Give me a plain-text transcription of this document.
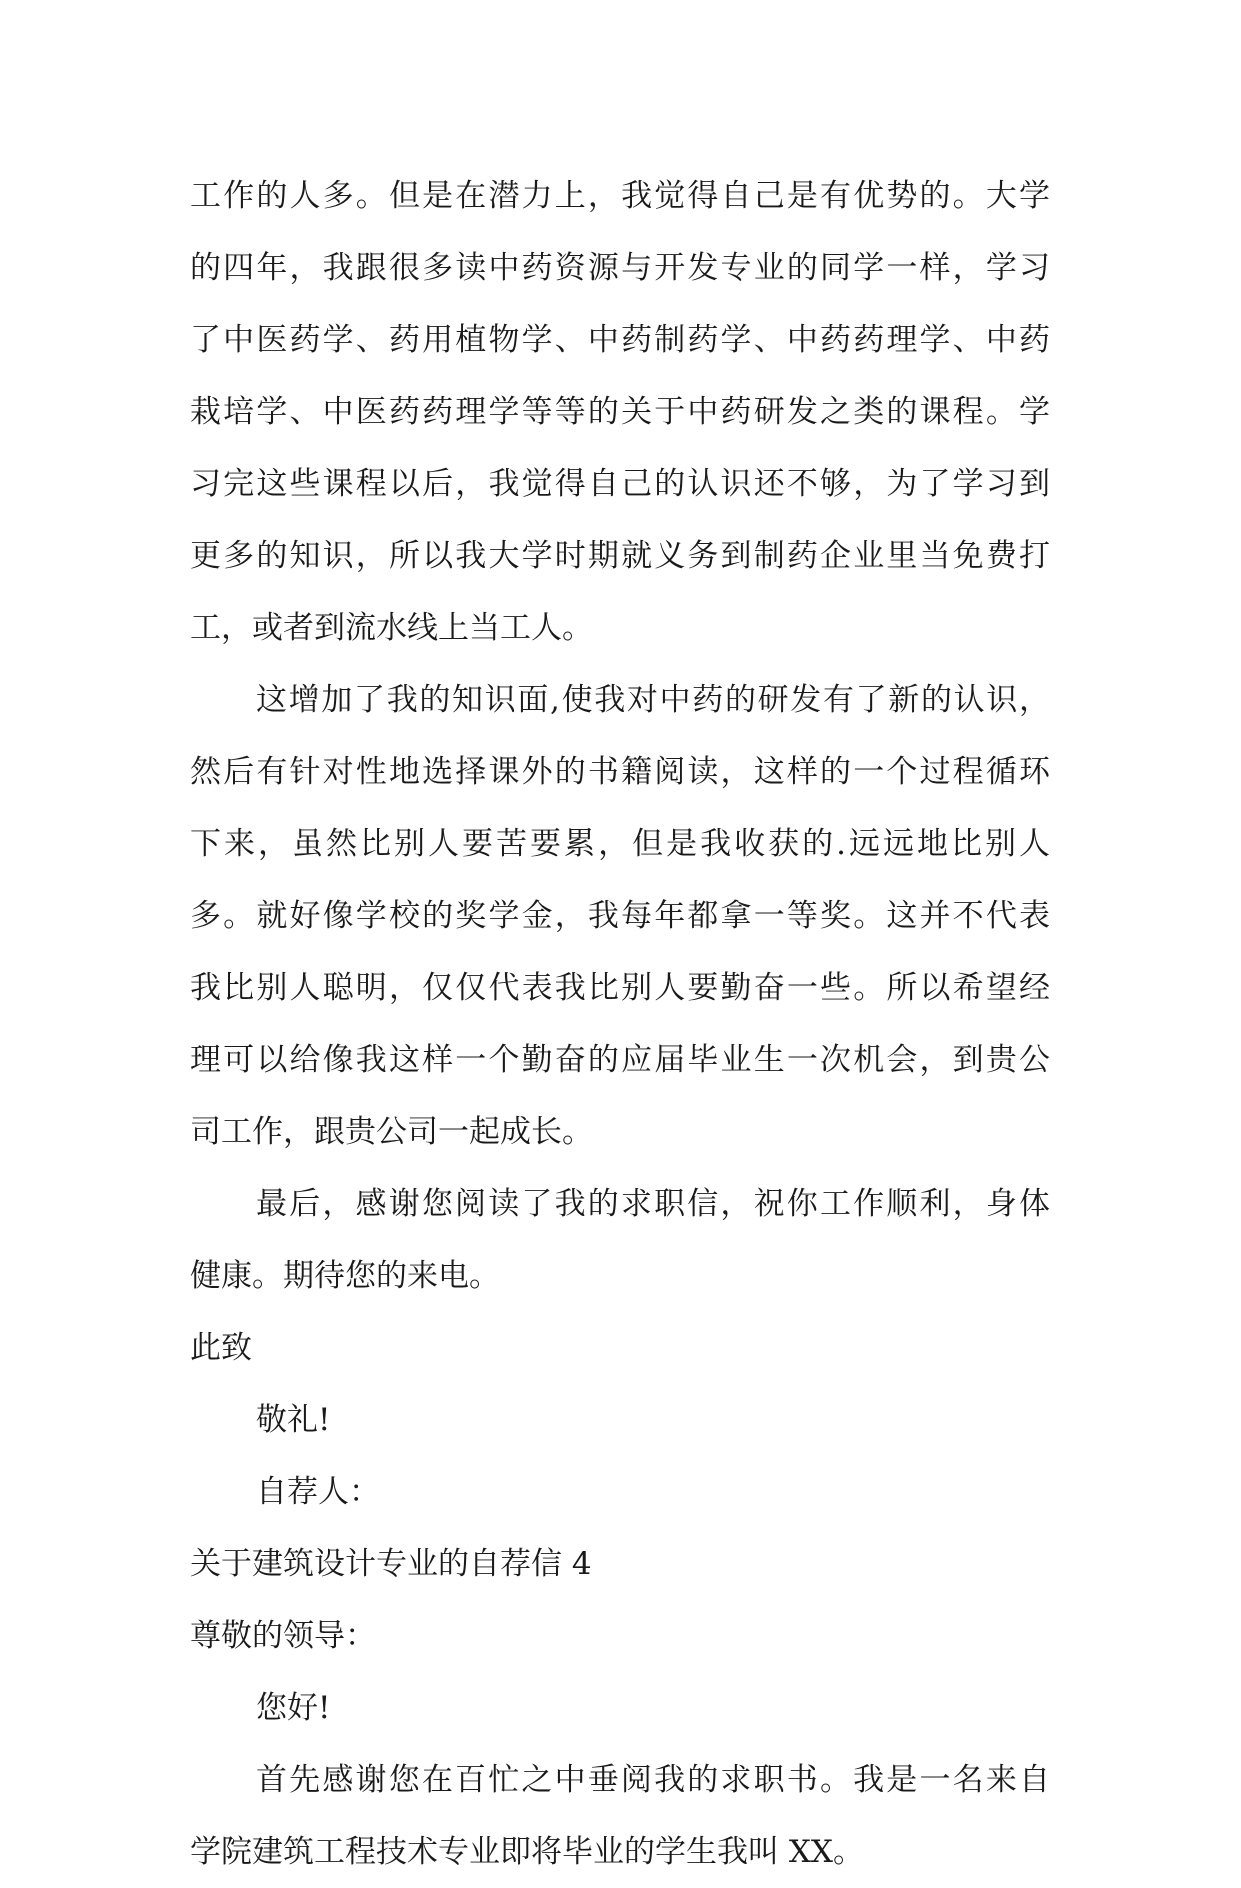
工作的人多。但是在潜力上，我觉得自己是有优势的。大学
的四年，我跟很多读中药资源与开发专业的同学一样，学习
了中医药学、药用植物学、中药制药学、中药药理学、中药
栽培学、中医药药理学等等的关于中药研发之类的课程。学
习完这些课程以后，我觉得自己的认识还不够，为了学习到
更多的知识，所以我大学时期就义务到制药企业里当免费打
工，或者到流水线上当工人。
这增加了我的知识面,使我对中药的研发有了新的认识，
然后有针对性地选择课外的书籍阅读，这样的一个过程循环
下来，虽然比别人要苦要累，但是我收获的.远远地比别人
多。就好像学校的奖学金，我每年都拿一等奖。这并不代表
我比别人聪明，仅仅代表我比别人要勤奋一些。所以希望经
理可以给像我这样一个勤奋的应届毕业生一次机会，到贵公
司工作，跟贵公司一起成长。
最后，感谢您阅读了我的求职信，祝你工作顺利，身体
健康。期待您的来电。
此致
敬礼!
自荐人：
关于建筑设计专业的自荐信 4
尊敬的领导：
您好!
首先感谢您在百忙之中垂阅我的求职书。我是一名来自
学院建筑工程技术专业即将毕业的学生我叫 XX。
